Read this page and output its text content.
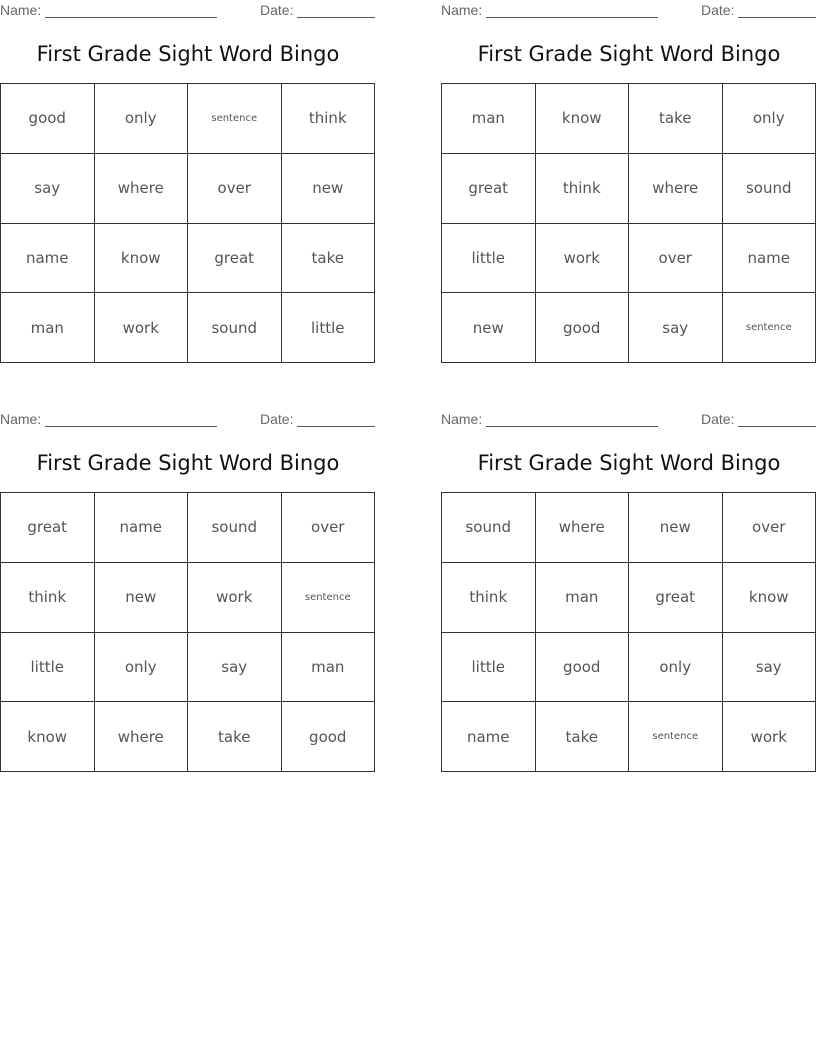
Name:	Date:
First Grade Sight Word Bingo
good	only	sentence	think
say	where	over	new
name	know	great	take
man	work	sound	little
Name:	Date:
First Grade Sight Word Bingo
man	know	take	only
great	think	where	sound
little	work	over	name
new	good	say	sentence
Name:	Date:
First Grade Sight Word Bingo
great	name	sound	over
think	new	work	sentence
little	only	say	man
know	where	take	good
Name:	Date:
First Grade Sight Word Bingo
sound	where	new	over
think	man	great	know
little	good	only	say
name	take	sentence	work
